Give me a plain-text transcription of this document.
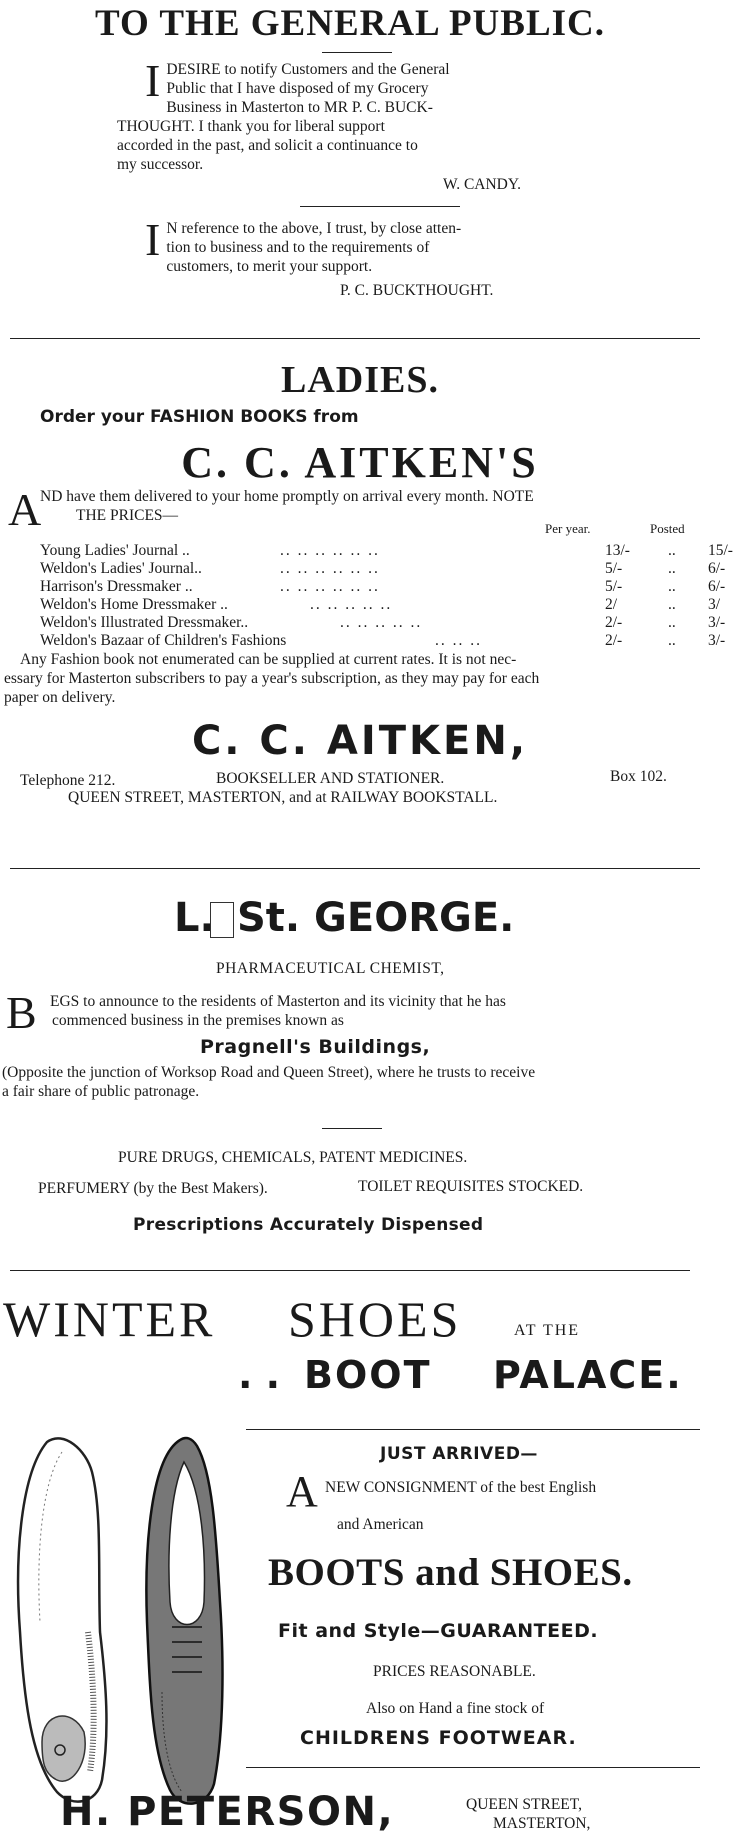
TO THE GENERAL PUBLIC.
I DESIRE to notify Customers and the General
Public that I have disposed of my Grocery
Business in Masterton to MR P. C. BUCK-
THOUGHT. I thank you for liberal support
accorded in the past, and solicit a continuance to
my successor.
W. CANDY.
I N reference to the above, I trust, by close atten-
tion to business and to the requirements of
customers, to merit your support.
P. C. BUCKTHOUGHT.
LADIES.
Order your FASHION BOOKS from
C. C. AITKEN'S
A
ND have them delivered to your home promptly on arrival every month. NOTE
THE PRICES—
Per year.	Posted
Young Ladies' Journal ..	.. .. .. .. .. ..	13/-	.. 15/-
Weldon's Ladies' Journal..	.. .. .. .. .. ..	5/-	.. 6/-
Harrison's Dressmaker ..	.. .. .. .. .. ..	5/-	.. 6/-
Weldon's Home Dressmaker ..	.. .. .. .. ..	2/	.. 3/
Weldon's Illustrated Dressmaker..	.. .. .. .. ..	2/-	.. 3/-
Weldon's Bazaar of Children's Fashions	.. .. ..	2/-	.. 3/-
Any Fashion book not enumerated can be supplied at current rates. It is not nec-
essary for Masterton subscribers to pay a year's subscription, as they may pay for each
paper on delivery.
C. C. AITKEN,
Telephone 212.	BOOKSELLER AND STATIONER.	Box 102.
QUEEN STREET, MASTERTON, and at RAILWAY BOOKSTALL.
L. St. GEORGE.
PHARMACEUTICAL CHEMIST,
B EGS to announce to the residents of Masterton and its vicinity that he has
commenced business in the premises known as
Pragnell's Buildings,
(Opposite the junction of Worksop Road and Queen Street), where he trusts to receive
a fair share of public patronage.
PURE DRUGS, CHEMICALS, PATENT MEDICINES.
PERFUMERY (by the Best Makers).	TOILET REQUISITES STOCKED.
Prescriptions Accurately Dispensed
WINTER SHOES	AT THE
. . BOOT PALACE.
JUST ARRIVED—
A NEW CONSIGNMENT of the best English
and American
BOOTS and SHOES.
Fit and Style—GUARANTEED.
PRICES REASONABLE.
Also on Hand a fine stock of
CHILDRENS FOOTWEAR.
H. PETERSON,	QUEEN STREET,
MASTERTON,
